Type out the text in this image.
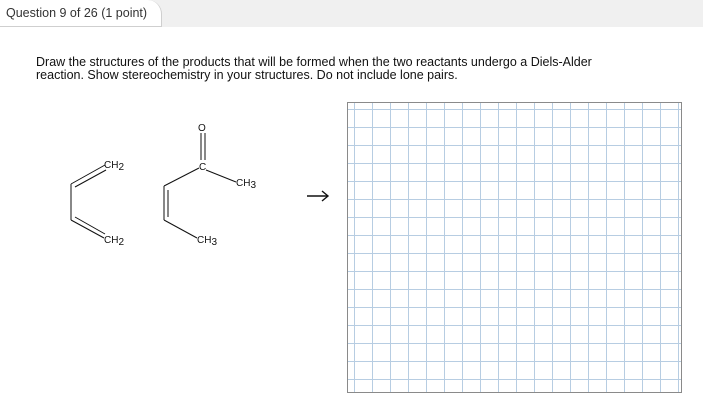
Question 9 of 26 (1 point)
Draw the structures of the products that will be formed when the two reactants undergo a Diels-Alder
reaction. Show stereochemistry in your structures. Do not include lone pairs.
CH2
CH2
O
C
CH3
CH3
